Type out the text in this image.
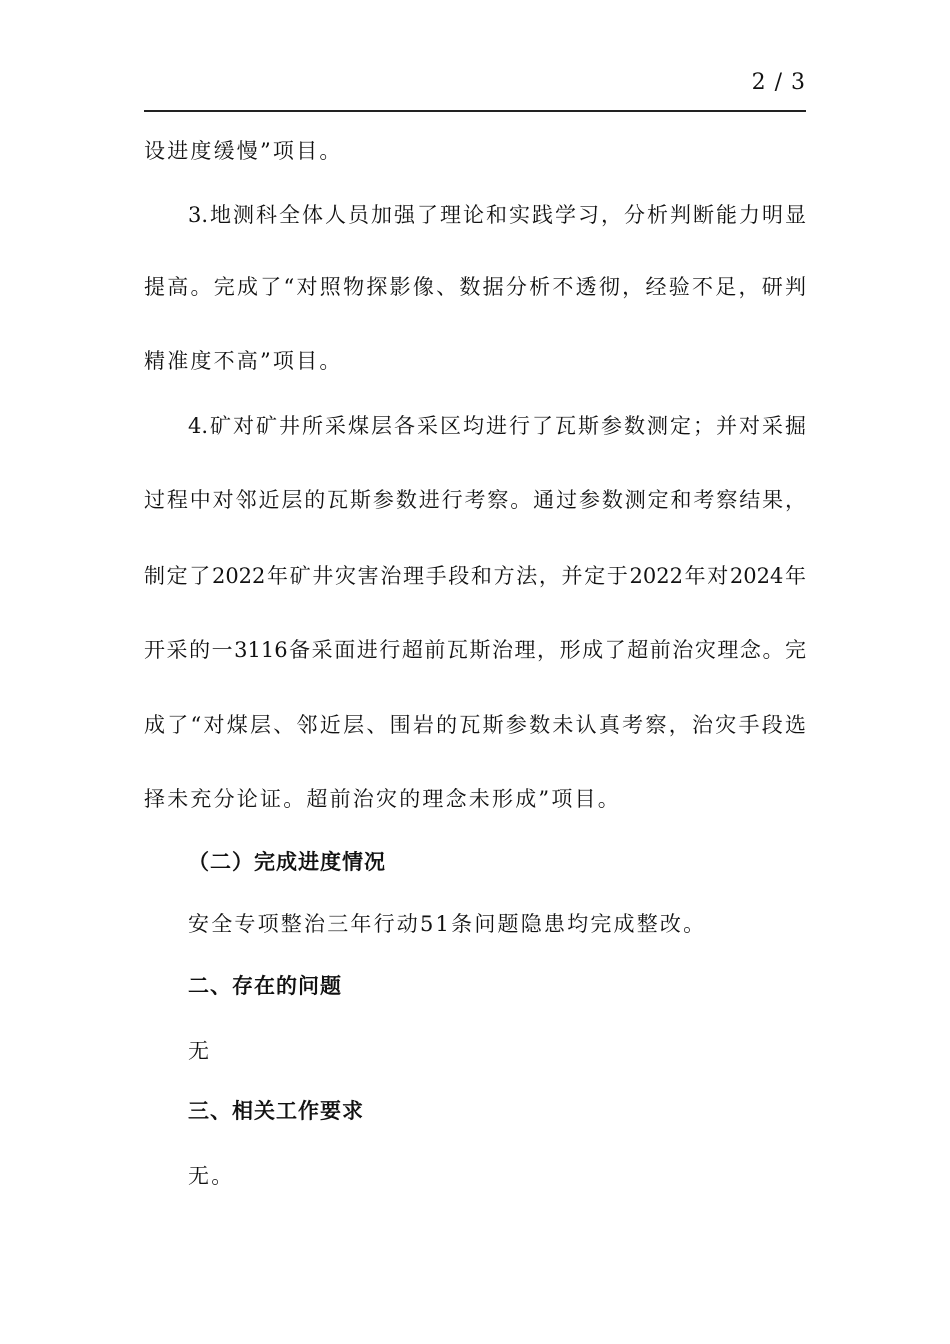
2 / 3
设进度缓慢”项目。
3.地测科全体人员加强了理论和实践学习，分析判断能力明显
提高。完成了“对照物探影像、数据分析不透彻，经验不足，研判
精准度不高”项目。
4.矿对矿井所采煤层各采区均进行了瓦斯参数测定；并对采掘
过程中对邻近层的瓦斯参数进行考察。通过参数测定和考察结果，
制定了2022年矿井灾害治理手段和方法，并定于2022年对2024年
开采的一3116备采面进行超前瓦斯治理，形成了超前治灾理念。完
成了“对煤层、邻近层、围岩的瓦斯参数未认真考察，治灾手段选
择未充分论证。超前治灾的理念未形成”项目。
（二）完成进度情况
安全专项整治三年行动51条问题隐患均完成整改。
二、存在的问题
无
三、相关工作要求
无。
